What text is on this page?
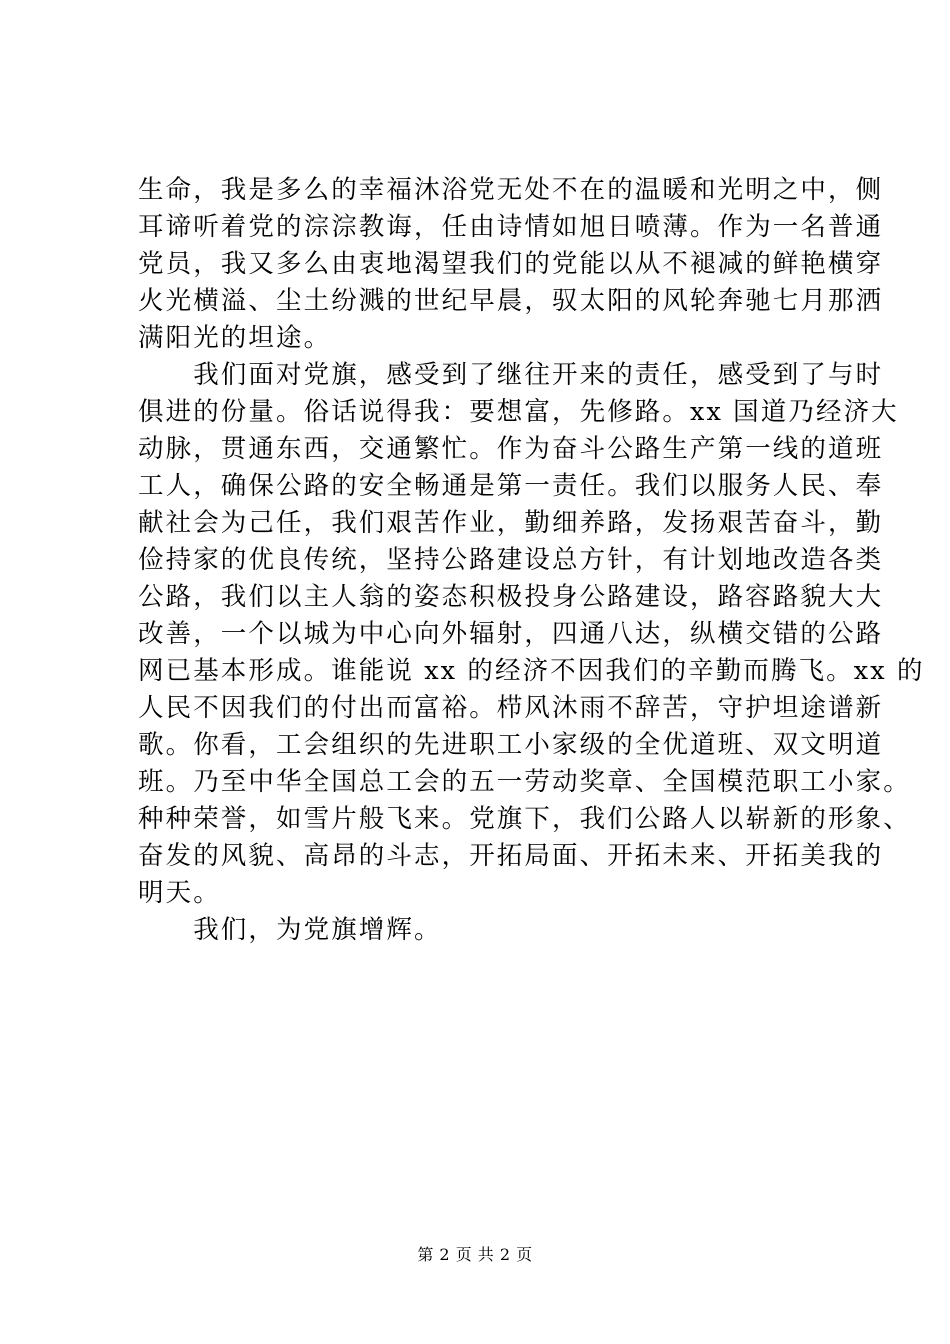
生命，我是多么的幸福沐浴党无处不在的温暖和光明之中，侧
耳谛听着党的淙淙教诲，任由诗情如旭日喷薄。作为一名普通
党员，我又多么由衷地渴望我们的党能以从不褪减的鲜艳横穿
火光横溢、尘土纷溅的世纪早晨，驭太阳的风轮奔驰七月那洒
满阳光的坦途。
　　我们面对党旗，感受到了继往开来的责任，感受到了与时
俱进的份量。俗话说得我：要想富，先修路。xx 国道乃经济大
动脉，贯通东西，交通繁忙。作为奋斗公路生产第一线的道班
工人，确保公路的安全畅通是第一责任。我们以服务人民、奉
献社会为己任，我们艰苦作业，勤细养路，发扬艰苦奋斗，勤
俭持家的优良传统，坚持公路建设总方针，有计划地改造各类
公路，我们以主人翁的姿态积极投身公路建设，路容路貌大大
改善，一个以城为中心向外辐射，四通八达，纵横交错的公路
网已基本形成。谁能说 xx 的经济不因我们的辛勤而腾飞。xx 的
人民不因我们的付出而富裕。栉风沐雨不辞苦，守护坦途谱新
歌。你看，工会组织的先进职工小家级的全优道班、双文明道
班。乃至中华全国总工会的五一劳动奖章、全国模范职工小家。
种种荣誉，如雪片般飞来。党旗下，我们公路人以崭新的形象、
奋发的风貌、高昂的斗志，开拓局面、开拓未来、开拓美我的
明天。
　　我们，为党旗增辉。
第 2 页 共 2 页
